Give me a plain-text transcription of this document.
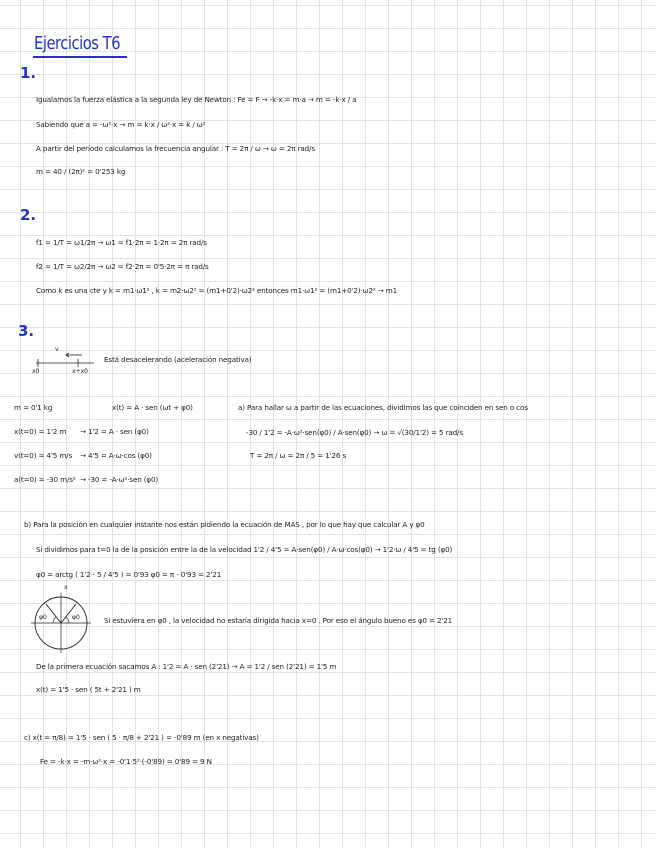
Ejercicios T6
1.
Igualamos la fuerza elástica a la segunda ley de Newton : Fe = F → -k·x = m·a → m = -k·x / a
Sabiendo que a = -ω²·x → m = k·x / ω²·x = k / ω²
A partir del periodo calculamos la frecuencia angular : T = 2π / ω → ω = 2π rad/s
m = 40 / (2π)² = 0'253 kg
2.
f1 = 1/T = ω1/2π → ω1 = f1·2π = 1·2π = 2π rad/s
f2 = 1/T = ω2/2π → ω2 = f2·2π = 0'5·2π = π rad/s
Como k es una cte y k = m1·ω1² , k = m2·ω2² = (m1+0'2)·ω2² entonces m1·ω1² = (m1+0'2)·ω2² → m1
3.
v
x0	x+x0
Está desacelerando (aceleración negativa)
m = 0'1 kg
x(t=0) = 1'2 m
v(t=0) = 4'5 m/s
a(t=0) = -30 m/s²
x(t) = A · sen (ωt + φ0)
→ 1'2 = A · sen (φ0)
→ 4'5 = A·ω·cos (φ0)
→ -30 = -A·ω²·sen (φ0)
a) Para hallar ω a partir de las ecuaciones, dividimos las que coinciden en sen o cos
-30 / 1'2 = -A·ω²·sen(φ0) / A·sen(φ0) → ω = √(30/1'2) = 5 rad/s
T = 2π / ω = 2π / 5 = 1'26 s
b) Para la posición en cualquier instante nos están pidiendo la ecuación de MAS , por lo que hay que calcular A y φ0
Si dividimos para t=0 la de la posición entre la de la velocidad 1'2 / 4'5 = A·sen(φ0) / A·ω·cos(φ0) → 1'2·ω / 4'5 = tg (φ0)
φ0 = arctg ( 1'2 · 5 / 4'5 ) = 0'93 φ0 = π - 0'93 = 2'21
x
φ0	φ0	Si estuviera en φ0 , la velocidad no estaría dirigida hacia x=0 . Por eso el ángulo bueno es φ0 = 2'21
De la primera ecuación sacamos A : 1'2 = A · sen (2'21) → A = 1'2 / sen (2'21) = 1'5 m
x(t) = 1'5 · sen ( 5t + 2'21 ) m
c) x(t = π/8) = 1'5 · sen ( 5 · π/8 + 2'21 ) = -0'89 m (en x negativas)
Fe = -k·x = -m·ω²·x = -0'1·5²·(-0'89) = 0'89 = 9 N
